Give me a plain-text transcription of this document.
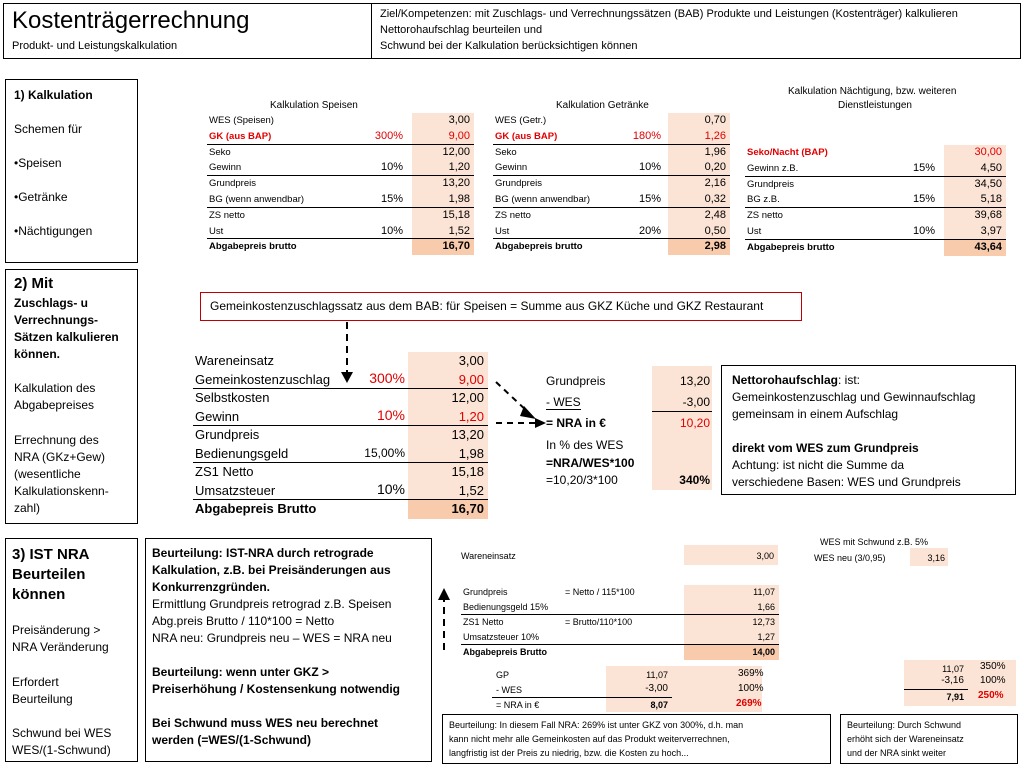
Kostenträgerrechnung
Produkt- und Leistungskalkulation
Ziel/Kompetenzen: mit Zuschlags- und Verrechnungssätzen (BAB) Produkte und Leistungen (Kostenträger) kalkulieren
Nettorohaufschlag beurteilen und
Schwund bei der Kalkulation berücksichtigen können
1) Kalkulation
Schemen für
•Speisen
•Getränke
•Nächtigungen
2) Mit
Zuschlags- u
Verrechnungs-
Sätzen kalkulieren
können.
Kalkulation des
Abgabepreises
Errechnung des
NRA (GKz+Gew)
(wesentliche
Kalkulationskenn-
zahl)
3) IST NRA
Beurteilen
können
Preisänderung >
NRA Veränderung
Erfordert
Beurteilung
Schwund bei WES
WES/(1-Schwund)
Kalkulation Speisen
WES (Speisen)	3,00
GK (aus BAP)	300%	9,00
Seko	12,00
Gewinn	10%	1,20
Grundpreis	13,20
BG (wenn anwendbar)	15%	1,98
ZS netto	15,18
Ust	10%	1,52
Abgabepreis brutto	16,70
Kalkulation Getränke
WES (Getr.)	0,70
GK (aus BAP)	180%	1,26
Seko	1,96
Gewinn	10%	0,20
Grundpreis	2,16
BG (wenn anwendbar)	15%	0,32
ZS netto	2,48
Ust	20%	0,50
Abgabepreis brutto	2,98
Kalkulation Nächtigung, bzw. weiteren
Dienstleistungen
Seko/Nacht (BAP)	30,00
Gewinn z.B.	15%	4,50
Grundpreis	34,50
BG z.B.	15%	5,18
ZS netto	39,68
Ust	10%	3,97
Abgabepreis brutto	43,64
Gemeinkostenzuschlagssatz aus dem BAB: für Speisen = Summe aus GKZ Küche und GKZ Restaurant
Wareneinsatz	3,00
Gemeinkostenzuschlag	300%	9,00
Selbstkosten	12,00
Gewinn	10%	1,20
Grundpreis	13,20
Bedienungsgeld	15,00%	1,98
ZS1 Netto	15,18
Umsatzsteuer	10%	1,52
Abgabepreis Brutto	16,70
Grundpreis	13,20
- WES	-3,00
= NRA in €	10,20
In % des WES
=NRA/WES*100
=10,20/3*100	340%
Nettorohaufschlag: ist:
Gemeinkostenzuschlag und Gewinnaufschlag
gemeinsam in einem Aufschlag
direkt vom WES zum Grundpreis
Achtung: ist nicht die Summe da
verschiedene Basen: WES und Grundpreis
Beurteilung: IST-NRA durch retrograde
Kalkulation, z.B. bei Preisänderungen aus
Konkurrenzgründen.
Ermittlung Grundpreis retrograd z.B. Speisen
Abg.preis Brutto / 110*100 = Netto
NRA neu: Grundpreis neu – WES = NRA neu
Beurteilung: wenn unter GKZ >
Preiserhöhung / Kostensenkung notwendig
Bei Schwund muss WES neu berechnet
werden (=WES/(1-Schwund)
Wareneinsatz	3,00
Grundpreis	= Netto / 115*100	11,07
Bedienungsgeld 15%	1,66
ZS1 Netto	= Brutto/110*100	12,73
Umsatzsteuer 10%	1,27
Abgabepreis Brutto	14,00
GP	11,07	369%
- WES	-3,00	100%
= NRA in €	8,07	269%
WES mit Schwund z.B. 5%
WES neu (3/0,95)	3,16
11,07 350%
-3,16 100%
7,91 250%
Beurteilung: In diesem Fall NRA: 269% ist unter GKZ von 300%, d.h. man
kann nicht mehr alle Gemeinkosten auf das Produkt weiterverrechnen,
langfristig ist der Preis zu niedrig, bzw. die Kosten zu hoch...
Beurteilung: Durch Schwund
erhöht sich der Wareneinsatz
und der NRA sinkt weiter
